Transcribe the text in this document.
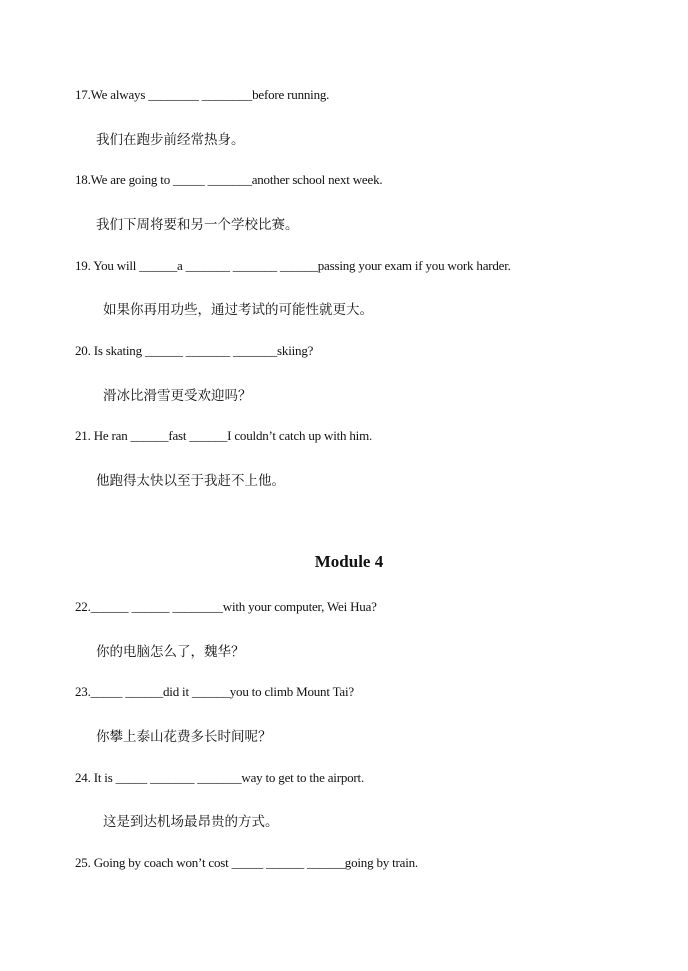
17.We always ________ ________before running.
我们在跑步前经常热身。
18.We are going to _____ _______another school next week.
我们下周将要和另一个学校比赛。
19. You will ______a _______ _______ ______passing your exam if you work harder.
如果你再用功些，通过考试的可能性就更大。
20. Is skating ______ _______ _______skiing?
滑冰比滑雪更受欢迎吗？
21. He ran ______fast ______I couldn’t catch up with him.
他跑得太快以至于我赶不上他。
Module 4
22.______ ______ ________with your computer, Wei Hua?
你的电脑怎么了，魏华？
23._____ ______did it ______you to climb Mount Tai?
你攀上泰山花费多长时间呢？
24. It is _____ _______ _______way to get to the airport.
这是到达机场最昂贵的方式。
25. Going by coach won’t cost _____ ______ ______going by train.
